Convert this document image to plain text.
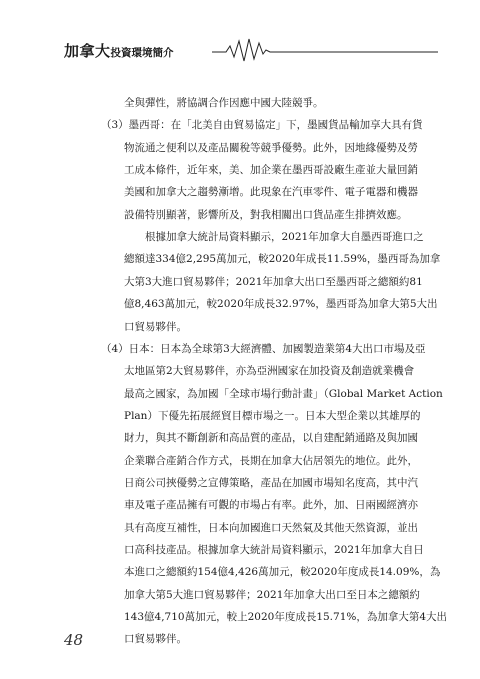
加拿大投資環境簡介
全與彈性，將協調合作因應中國大陸競爭。
（3）墨西哥：在「北美自由貿易協定」下，墨國貨品輸加享大具有貨
物流通之便利以及產品關稅等競爭優勢。此外，因地緣優勢及勞
工成本條件，近年來，美、加企業在墨西哥設廠生產並大量回銷
美國和加拿大之趨勢漸增。此現象在汽車零件、電子電器和機器
設備特別顯著，影響所及，對我相關出口貨品產生排擠效應。
根據加拿大統計局資料顯示，2021年加拿大自墨西哥進口之
總額達334億2,295萬加元，較2020年成長11.59%，墨西哥為加拿
大第3大進口貿易夥伴；2021年加拿大出口至墨西哥之總額約81
億8,463萬加元，較2020年成長32.97%，墨西哥為加拿大第5大出
口貿易夥伴。
（4）日本：日本為全球第3大經濟體、加國製造業第4大出口市場及亞
太地區第2大貿易夥伴，亦為亞洲國家在加投資及創造就業機會
最高之國家，為加國「全球市場行動計畫」（Global Market Action
Plan）下優先拓展經貿目標市場之一。日本大型企業以其雄厚的
財力，與其不斷創新和高品質的產品，以自建配銷通路及與加國
企業聯合產銷合作方式，長期在加拿大佔居領先的地位。此外，
日商公司挾優勢之宣傳策略，產品在加國市場知名度高，其中汽
車及電子產品擁有可觀的市場占有率。此外，加、日兩國經濟亦
具有高度互補性，日本向加國進口天然氣及其他天然資源，並出
口高科技產品。根據加拿大統計局資料顯示，2021年加拿大自日
本進口之總額約154億4,426萬加元，較2020年度成長14.09%，為
加拿大第5大進口貿易夥伴；2021年加拿大出口至日本之總額約
143億4,710萬加元，較上2020年度成長15.71%，為加拿大第4大出
口貿易夥伴。
48
